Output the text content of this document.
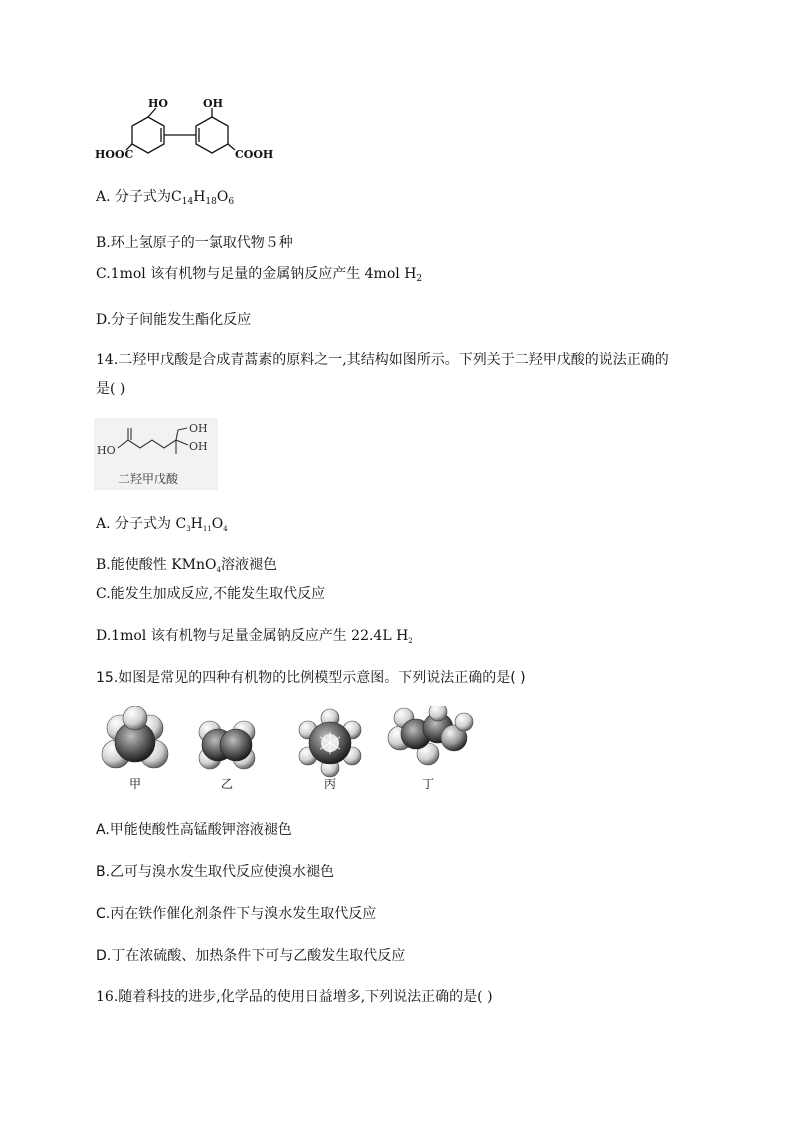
HO	OH
HOOC	COOH
A. 分子式为$C_{14}H_{18}O_6$
B.环上氢原子的一氯取代物５种
C.1mol 该有机物与足量的金属钠反应产生 4mol $H_2$
D.分子间能发生酯化反应
14.二羟甲戊酸是合成青蒿素的原料之一,其结构如图所示。下列关于二羟甲戊酸的说法正确的
是( )
HO
OH
OH
二羟甲戊酸
A. 分子式为 $C_3H_{11}O_4$
B.能使酸性 KMnO$_4$溶液褪色
C.能发生加成反应,不能发生取代反应
D.1mol 该有机物与足量金属钠反应产生 22.4L $H_2$
15.如图是常见的四种有机物的比例模型示意图。下列说法正确的是( )
甲	乙	丙	丁
A.甲能使酸性高锰酸钾溶液褪色
B.乙可与溴水发生取代反应使溴水褪色
C.丙在铁作催化剂条件下与溴水发生取代反应
D.丁在浓硫酸、加热条件下可与乙酸发生取代反应
16.随着科技的进步,化学品的使用日益增多,下列说法正确的是( )
